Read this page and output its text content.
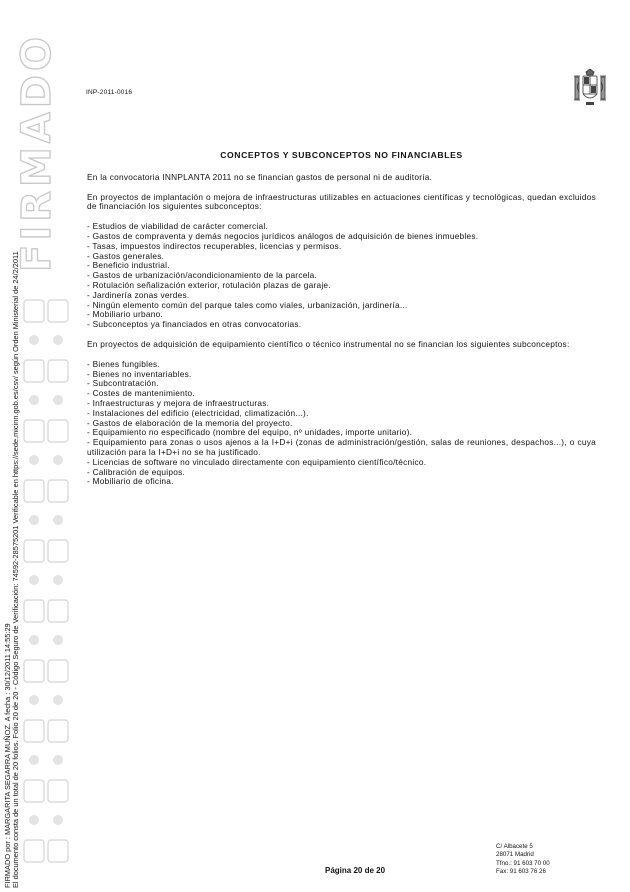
FIRMADO
FIRMADO por : MARGARITA SEGARRA MUÑOZ. A fecha : 30/12/2011 14:55:29 El documento consta de un total de 20 folios. Folio 20 de 20 - Código Seguro de Verificación: 74592-28575201 Verificable en https://sede.micinn.gob.es/csv/ según Orden Ministerial de 24/2/2011
INP-2011-0016
CONCEPTOS Y SUBCONCEPTOS NO FINANCIABLES

En la convocatoria INNPLANTA 2011 no se financian gastos de personal ni de auditoría.

En proyectos de implantación o mejora de infraestructuras utilizables en actuaciones científicas y tecnológicas, quedan excluidos de financiación los siguientes subconceptos:

- Estudios de viabilidad de carácter comercial.
- Gastos de compraventa y demás negocios jurídicos análogos de adquisición de bienes inmuebles.
- Tasas, impuestos indirectos recuperables, licencias y permisos.
- Gastos generales.
- Beneficio industrial.
- Gastos de urbanización/acondicionamiento de la parcela.
- Rotulación señalización exterior, rotulación plazas de garaje.
- Jardinería zonas verdes.
- Ningún elemento común del parque tales como viales, urbanización, jardinería...
- Mobiliario urbano.
- Subconceptos ya financiados en otras convocatorias.

En proyectos de adquisición de equipamiento científico o técnico instrumental no se financian los siguientes subconceptos:

- Bienes fungibles.
- Bienes no inventariables.
- Subcontratación.
- Costes de mantenimiento.
- Infraestructuras y mejora de infraestructuras.
- Instalaciones del edificio (electricidad, climatización...).
- Gastos de elaboración de la memoria del proyecto.
- Equipamiento no especificado (nombre del equipo, nº unidades, importe unitario).
- Equipamiento para zonas o usos ajenos a la I+D+i (zonas de administración/gestión, salas de reuniones, despachos...), o cuya utilización para la I+D+i no se ha justificado.
- Licencias de software no vinculado directamente con equipamiento científico/técnico.
- Calibración de equipos.
- Mobiliario de oficina.
C/ Albacete 5
28071 Madrid
Tfno.: 91 603 70 00
Fax: 91 603 76 26
Página 20 de 20
